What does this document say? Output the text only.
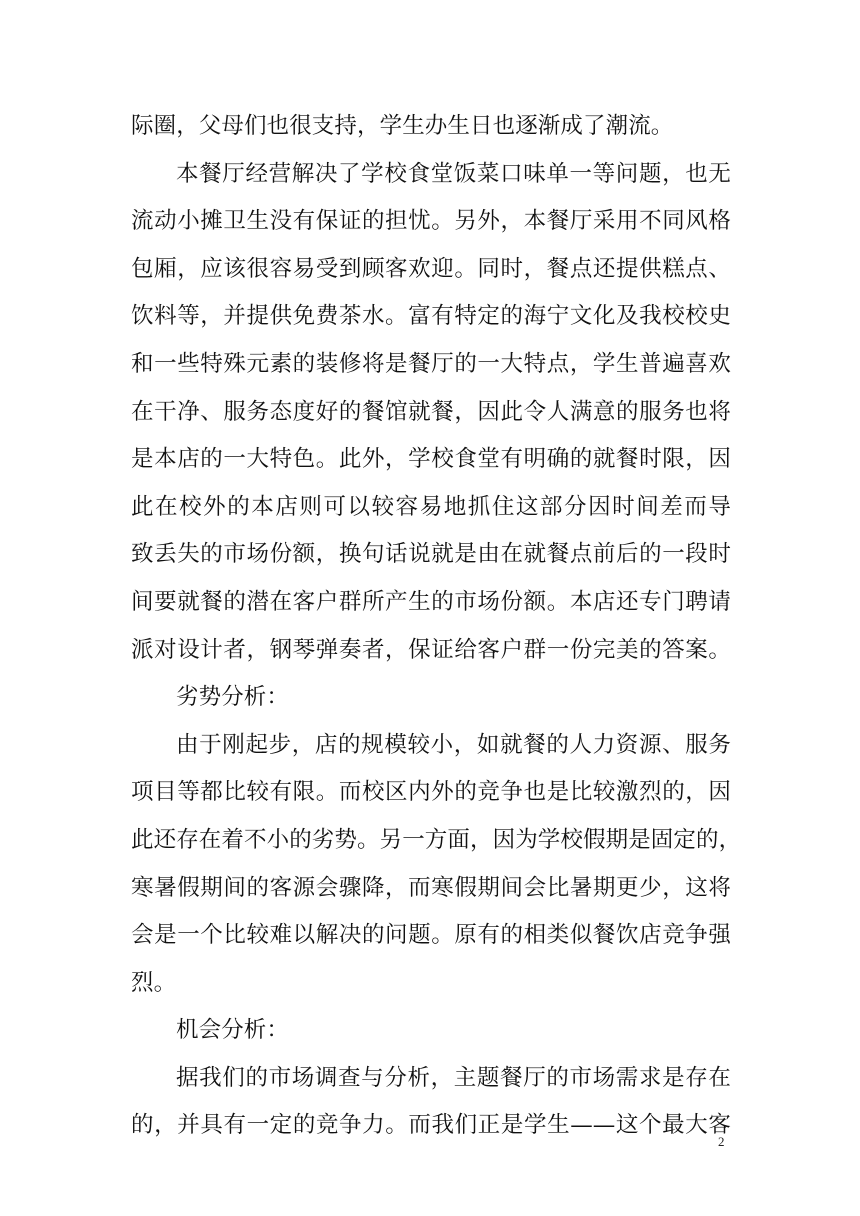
际圈，父母们也很支持，学生办生日也逐渐成了潮流。
本餐厅经营解决了学校食堂饭菜口味单一等问题，也无
流动小摊卫生没有保证的担忧。另外，本餐厅采用不同风格
包厢，应该很容易受到顾客欢迎。同时，餐点还提供糕点、
饮料等，并提供免费茶水。富有特定的海宁文化及我校校史
和一些特殊元素的装修将是餐厅的一大特点，学生普遍喜欢
在干净、服务态度好的餐馆就餐，因此令人满意的服务也将
是本店的一大特色。此外，学校食堂有明确的就餐时限，因
此在校外的本店则可以较容易地抓住这部分因时间差而导
致丢失的市场份额，换句话说就是由在就餐点前后的一段时
间要就餐的潜在客户群所产生的市场份额。本店还专门聘请
派对设计者，钢琴弹奏者，保证给客户群一份完美的答案。
劣势分析：
由于刚起步，店的规模较小，如就餐的人力资源、服务
项目等都比较有限。而校区内外的竞争也是比较激烈的，因
此还存在着不小的劣势。另一方面，因为学校假期是固定的，
寒暑假期间的客源会骤降，而寒假期间会比暑期更少，这将
会是一个比较难以解决的问题。原有的相类似餐饮店竞争强
烈。
机会分析：
据我们的市场调查与分析，主题餐厅的市场需求是存在
的，并具有一定的竞争力。而我们正是学生——这个最大客
2
